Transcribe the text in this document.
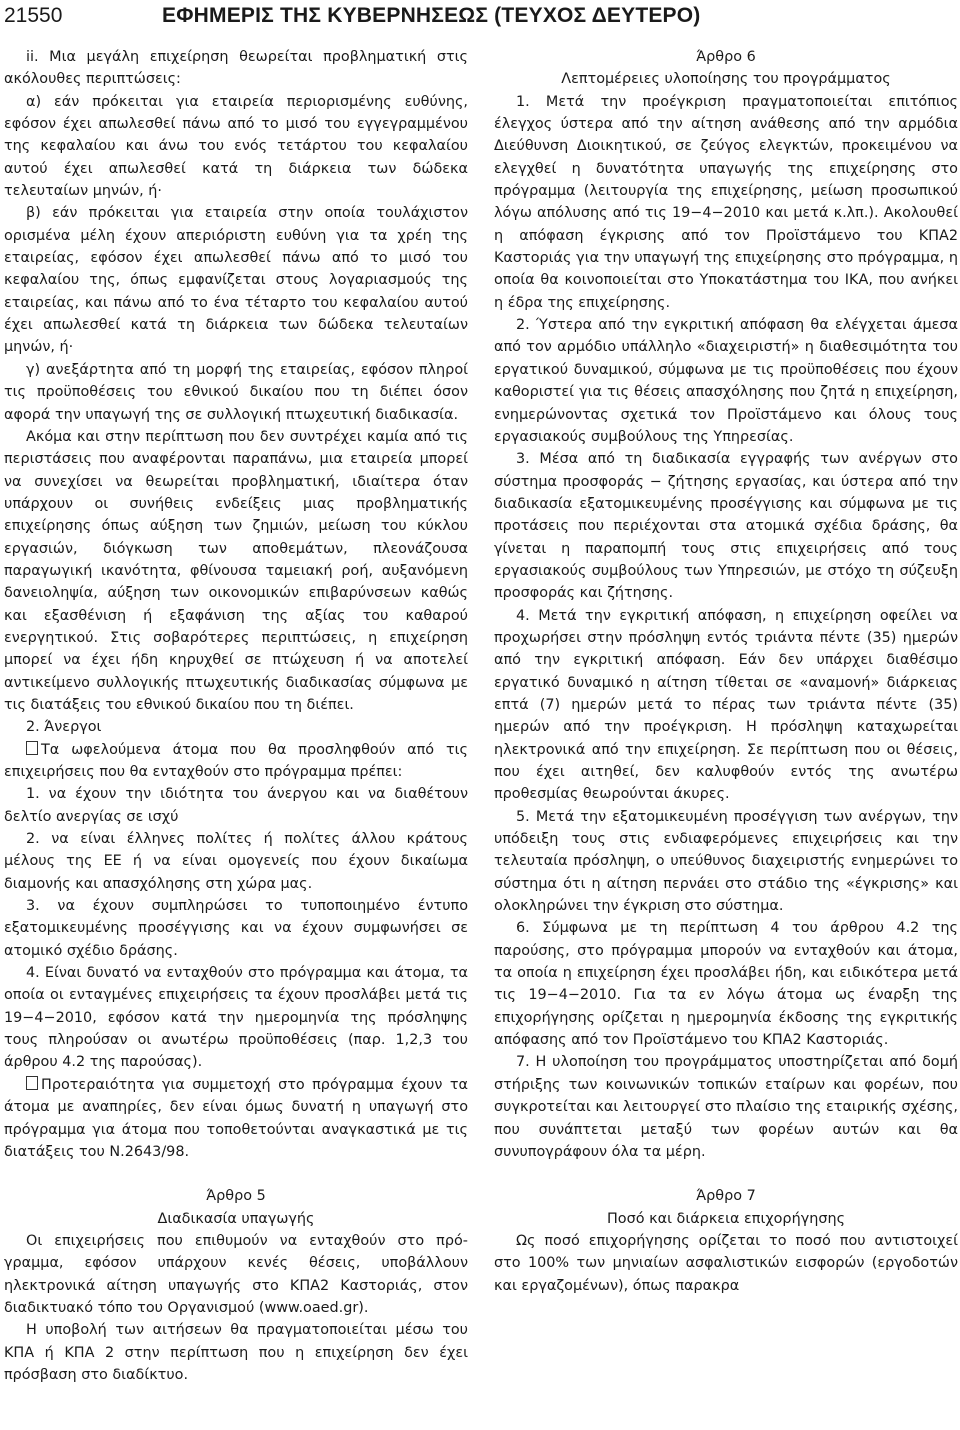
21550	ΕΦΗΜΕΡΙΣ ΤΗΣ ΚΥΒΕΡΝΗΣΕΩΣ (ΤΕΥΧΟΣ ΔΕΥΤΕΡΟ)

ii. Μια μεγάλη επιχείρηση θεωρείται προβληματική στις ακόλουθες περιπτώσεις:

α) εάν πρόκειται για εταιρεία περιορισμένης ευθύνης, εφόσον έχει απωλεσθεί πάνω από το μισό του εγγεγραμμένου της κεφαλαίου και άνω του ενός τετάρτου του κεφαλαίου αυτού έχει απωλεσθεί κατά τη διάρκεια των δώδεκα τελευταίων μηνών, ή·

β) εάν πρόκειται για εταιρεία στην οποία τουλάχιστον ορισμένα μέλη έχουν απεριόριστη ευθύνη για τα χρέη της εταιρείας, εφόσον έχει απωλεσθεί πάνω από το μισό του κεφαλαίου της, όπως εμφανίζεται στους λογαριασμούς της εταιρείας, και πάνω από το ένα τέταρτο του κεφαλαίου αυτού έχει απωλεσθεί κατά τη διάρκεια των δώδεκα τελευταίων μηνών, ή·

γ) ανεξάρτητα από τη μορφή της εταιρείας, εφόσον πληροί τις προϋποθέσεις του εθνικού δικαίου που τη διέπει όσον αφορά την υπαγωγή της σε συλλογική πτωχευτική διαδικασία.

Ακόμα και στην περίπτωση που δεν συντρέχει καμία από τις περιστάσεις που αναφέρονται παραπάνω, μια εταιρεία μπορεί να συνεχίσει να θεωρείται προβληματική, ιδιαίτερα όταν υπάρχουν οι συνήθεις ενδείξεις μιας προβληματικής επιχείρησης όπως αύξηση των ζημιών, μείωση του κύκλου εργασιών, διόγκωση των αποθεμάτων, πλεονάζουσα παραγωγική ικανότητα, φθίνουσα ταμειακή ροή, αυξανόμενη δανειοληψία, αύξηση των οικονομικών επιβαρύνσεων καθώς και εξασθένιση ή εξαφάνιση της αξίας του καθαρού ενεργητικού. Στις σοβαρότερες περιπτώσεις, η επιχείρηση μπορεί να έχει ήδη κηρυχθεί σε πτώχευση ή να αποτελεί αντικείμενο συλλογικής πτωχευτικής διαδικασίας σύμφωνα με τις διατάξεις του εθνικού δικαίου που τη διέπει.

2. Άνεργοι

Τα ωφελούμενα άτομα που θα προσληφθούν από τις επιχειρήσεις που θα ενταχθούν στο πρόγραμμα πρέπει:

1. να έχουν την ιδιότητα του άνεργου και να διαθέτουν δελτίο ανεργίας σε ισχύ

2. να είναι έλληνες πολίτες ή πολίτες άλλου κράτους μέλους της ΕΕ ή να είναι ομογενείς που έχουν δικαίωμα διαμονής και απασχόλησης στη χώρα μας.

3. να έχουν συμπληρώσει το τυποποιημένο έντυπο εξατομικευμένης προσέγγισης και να έχουν συμφωνήσει σε ατομικό σχέδιο δράσης.

4. Είναι δυνατό να ενταχθούν στο πρόγραμμα και άτομα, τα οποία οι ενταγμένες επιχειρήσεις τα έχουν προσλάβει μετά τις 19−4−2010, εφόσον κατά την ημερομηνία της πρόσληψης τους πληρούσαν οι ανωτέρω προϋποθέσεις (παρ. 1,2,3 του άρθρου 4.2 της παρούσας).

Προτεραιότητα για συμμετοχή στο πρόγραμμα έχουν τα άτομα με αναπηρίες, δεν είναι όμως δυνατή η υπαγωγή στο πρόγραμμα για άτομα που τοποθετούνται αναγκαστικά με τις διατάξεις του Ν.2643/98.

Άρθρο 5

Διαδικασία υπαγωγής

Οι επιχειρήσεις που επιθυμούν να ενταχθούν στο πρόγραμμα, εφόσον υπάρχουν κενές θέσεις, υποβάλλουν ηλεκτρονικά αίτηση υπαγωγής στο ΚΠΑ2 Καστοριάς, στον διαδικτυακό τόπο του Οργανισμού (www.oaed.gr).

Η υποβολή των αιτήσεων θα πραγματοποιείται μέσω του ΚΠΑ ή ΚΠΑ 2 στην περίπτωση που η επιχείρηση δεν έχει πρόσβαση στο διαδίκτυο.

Άρθρο 6

Λεπτομέρειες υλοποίησης του προγράμματος

1. Μετά την προέγκριση πραγματοποιείται επιτόπιος έλεγχος ύστερα από την αίτηση ανάθεσης από την αρμόδια Διεύθυνση Διοικητικού, σε ζεύγος ελεγκτών, προκειμένου να ελεγχθεί η δυνατότητα υπαγωγής της επιχείρησης στο πρόγραμμα (λειτουργία της επιχείρησης, μείωση προσωπικού λόγω απόλυσης από τις 19−4−2010 και μετά κ.λπ.). Ακολουθεί η απόφαση έγκρισης από τον Προϊστάμενο του ΚΠΑ2 Καστοριάς για την υπαγωγή της επιχείρησης στο πρόγραμμα, η οποία θα κοινοποιείται στο Υποκατάστημα του ΙΚΑ, που ανήκει η έδρα της επιχείρησης.

2. Ύστερα από την εγκριτική απόφαση θα ελέγχεται άμεσα από τον αρμόδιο υπάλληλο «διαχειριστή» η διαθεσιμότητα του εργατικού δυναμικού, σύμφωνα με τις προϋποθέσεις που έχουν καθοριστεί για τις θέσεις απασχόλησης που ζητά η επιχείρηση, ενημερώνοντας σχετικά τον Προϊστάμενο και όλους τους εργασιακούς συμβούλους της Υπηρεσίας.

3. Μέσα από τη διαδικασία εγγραφής των ανέργων στο σύστημα προσφοράς − ζήτησης εργασίας, και ύστερα από την διαδικασία εξατομικευμένης προσέγγισης και σύμφωνα με τις προτάσεις που περιέχονται στα ατομικά σχέδια δράσης, θα γίνεται η παραπομπή τους στις επιχειρήσεις από τους εργασιακούς συμβούλους των Υπηρεσιών, με στόχο τη σύζευξη προσφοράς και ζήτησης.

4. Μετά την εγκριτική απόφαση, η επιχείρηση οφείλει να προχωρήσει στην πρόσληψη εντός τριάντα πέντε (35) ημερών από την εγκριτική απόφαση. Εάν δεν υπάρχει διαθέσιμο εργατικό δυναμικό η αίτηση τίθεται σε «αναμονή» διάρκειας επτά (7) ημερών μετά το πέρας των τριάντα πέντε (35) ημερών από την προέγκριση. Η πρόσληψη καταχωρείται ηλεκτρονικά από την επιχείρηση. Σε περίπτωση που οι θέσεις, που έχει αιτηθεί, δεν καλυφθούν εντός της ανωτέρω προθεσμίας θεωρούνται άκυρες.

5. Μετά την εξατομικευμένη προσέγγιση των ανέργων, την υπόδειξη τους στις ενδιαφερόμενες επιχειρήσεις και την τελευταία πρόσληψη, ο υπεύθυνος διαχειριστής ενημερώνει το σύστημα ότι η αίτηση περνάει στο στάδιο της «έγκρισης» και ολοκληρώνει την έγκριση στο σύστημα.

6. Σύμφωνα με τη περίπτωση 4 του άρθρου 4.2 της παρούσης, στο πρόγραμμα μπορούν να ενταχθούν και άτομα, τα οποία η επιχείρηση έχει προσλάβει ήδη, και ειδικότερα μετά τις 19−4−2010. Για τα εν λόγω άτομα ως έναρξη της επιχορήγησης ορίζεται η ημερομηνία έκδοσης της εγκριτικής απόφασης από τον Προϊστάμενο του ΚΠΑ2 Καστοριάς.

7. Η υλοποίηση του προγράμματος υποστηρίζεται από δομή στήριξης των κοινωνικών τοπικών εταίρων και φορέων, που συγκροτείται και λειτουργεί στο πλαίσιο της εταιρικής σχέσης, που συνάπτεται μεταξύ των φορέων αυτών και θα συνυπογράφουν όλα τα μέρη.

Άρθρο 7

Ποσό και διάρκεια επιχορήγησης

Ως ποσό επιχορήγησης ορίζεται το ποσό που αντιστοιχεί στο 100% των μηνιαίων ασφαλιστικών εισφορών (εργοδοτών και εργαζομένων), όπως παρακρα
